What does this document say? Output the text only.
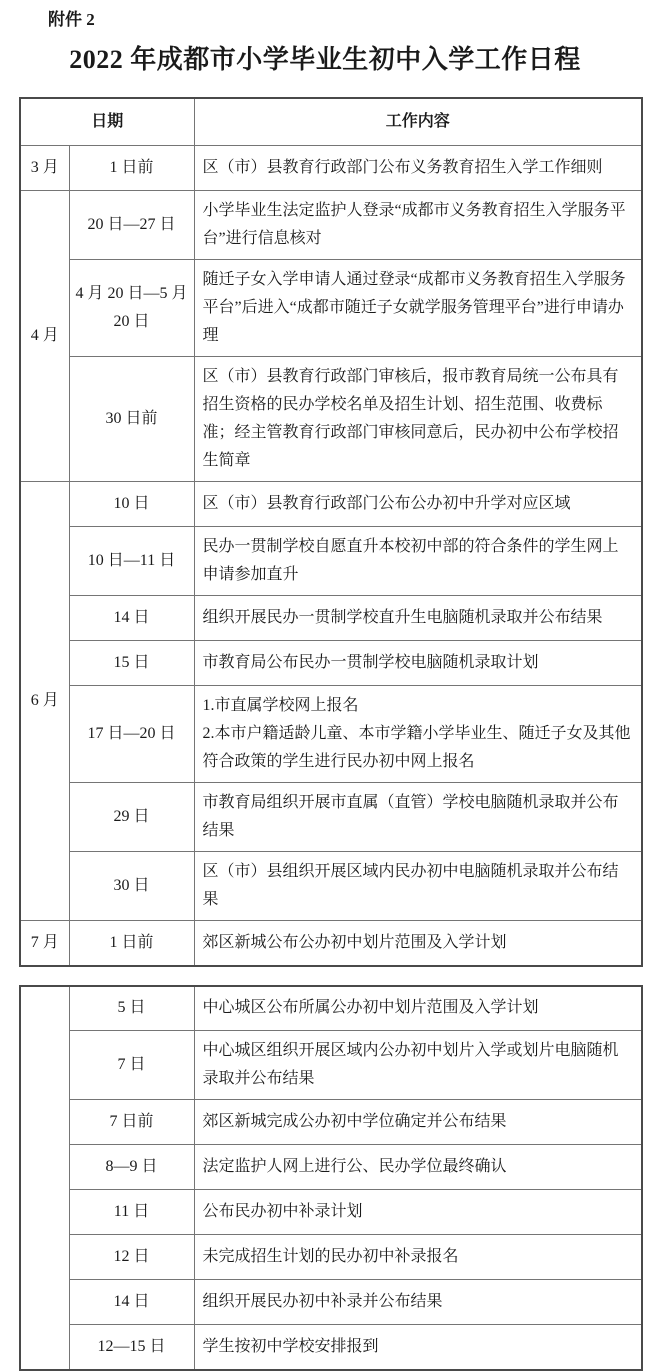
附件 2
2022 年成都市小学毕业生初中入学工作日程
日期		工作内容
3 月	1 日前	区（市）县教育行政部门公布义务教育招生入学工作细则

4 月	20 日—27 日	小学毕业生法定监护人登录“成都市义务教育招生入学服务平台”进行信息核对

	4 月 20 日—5 月 20 日	随迁子女入学申请人通过登录“成都市义务教育招生入学服务平台”后进入“成都市随迁子女就学服务管理平台”进行申请办理

	30 日前	区（市）县教育行政部门审核后，报市教育局统一公布具有招生资格的民办学校名单及招生计划、招生范围、收费标准；经主管教育行政部门审核同意后，民办初中公布学校招生简章

6 月	10 日	区（市）县教育行政部门公布公办初中升学对应区域

	10 日—11 日	民办一贯制学校自愿直升本校初中部的符合条件的学生网上申请参加直升

	14 日	组织开展民办一贯制学校直升生电脑随机录取并公布结果

	15 日	市教育局公布民办一贯制学校电脑随机录取计划

	17 日—20 日	1.市直属学校网上报名
2.本市户籍适龄儿童、本市学籍小学毕业生、随迁子女及其他符合政策的学生进行民办初中网上报名

	29 日	市教育局组织开展市直属（直管）学校电脑随机录取并公布结果

	30 日	区（市）县组织开展区域内民办初中电脑随机录取并公布结果

7 月	1 日前	郊区新城公布公办初中划片范围及入学计划
	5 日	中心城区公布所属公办初中划片范围及入学计划

	7 日	中心城区组织开展区域内公办初中划片入学或划片电脑随机录取并公布结果

	7 日前	郊区新城完成公办初中学位确定并公布结果

	8—9 日	法定监护人网上进行公、民办学位最终确认

	11 日	公布民办初中补录计划

	12 日	未完成招生计划的民办初中补录报名

	14 日	组织开展民办初中补录并公布结果

	12—15 日	学生按初中学校安排报到
